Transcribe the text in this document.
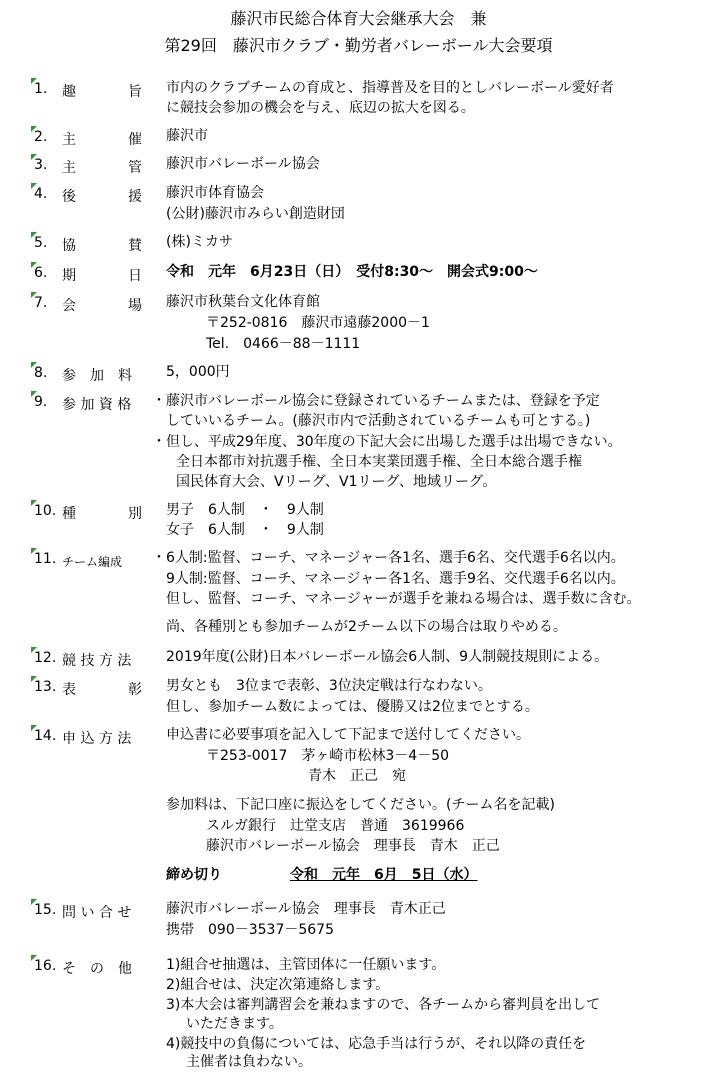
藤沢市民総合体育大会継承大会　兼
第29回　藤沢市クラブ・勤労者バレーボール大会要項
1. 趣	旨 市内のクラブチームの育成と、指導普及を目的としバレーボール愛好者
に競技会参加の機会を与え、底辺の拡大を図る。
2. 主	催 藤沢市
3. 主	管 藤沢市バレーボール協会
4. 後	援 藤沢市体育協会
(公財)藤沢市みらい創造財団
5. 協	賛 (株)ミカサ
6. 期	日 令和　元年　6月23日（日）　受付8:30～　開会式9:00～
7. 会	場 藤沢市秋葉台文化体育館
〒252-0816　藤沢市遠藤2000－1
Tel.　0466－88－1111
8. 参　加　料 5，000円
9. 参 加 資 格 ・藤沢市バレーボール協会に登録されているチームまたは、登録を予定
していいるチーム。(藤沢市内で活動されているチームも可とする。)
・但し、平成29年度、30年度の下記大会に出場した選手は出場できない。
全日本都市対抗選手権、全日本実業団選手権、全日本総合選手権
国民体育大会、Vリーグ、V1リーグ、地域リーグ。
10. 種	別 男子　6人制　・　9人制
女子　6人制　・　9人制
11. チーム編成 ・6人制:監督、コーチ、マネージャー各1名、選手6名、交代選手6名以内。
9人制:監督、コーチ、マネージャー各1名、選手9名、交代選手6名以内。
但し、監督、コーチ、マネージャーが選手を兼ねる場合は、選手数に含む。
尚、各種別とも参加チームが2チーム以下の場合は取りやめる。
12. 競 技 方 法 2019年度(公財)日本バレーボール協会6人制、9人制競技規則による。
13. 表	彰 男女とも　3位まで表彰、3位決定戦は行なわない。
但し、参加チーム数によっては、優勝又は2位までとする。
14. 申 込 方 法 申込書に必要事項を記入して下記まで送付してください。
〒253-0017　茅ヶ崎市松林3－4－50
青木　正己　宛
参加料は、下記口座に振込をしてください。(チーム名を記載)
スルガ銀行　辻堂支店　普通　3619966
藤沢市バレーボール協会　理事長　青木　正己
締め切り	令和　元年　6月　5日（水）
15. 問 い 合 せ 藤沢市バレーボール協会　理事長　青木正己
携帯　090－3537－5675
16. そ　の　他 1)組合せ抽選は、主管団体に一任願います。
2)組合せは、決定次第連絡します。
3)本大会は審判講習会を兼ねますので、各チームから審判員を出して
いただきます。
4)競技中の負傷については、応急手当は行うが、それ以降の責任を
主催者は負わない。
